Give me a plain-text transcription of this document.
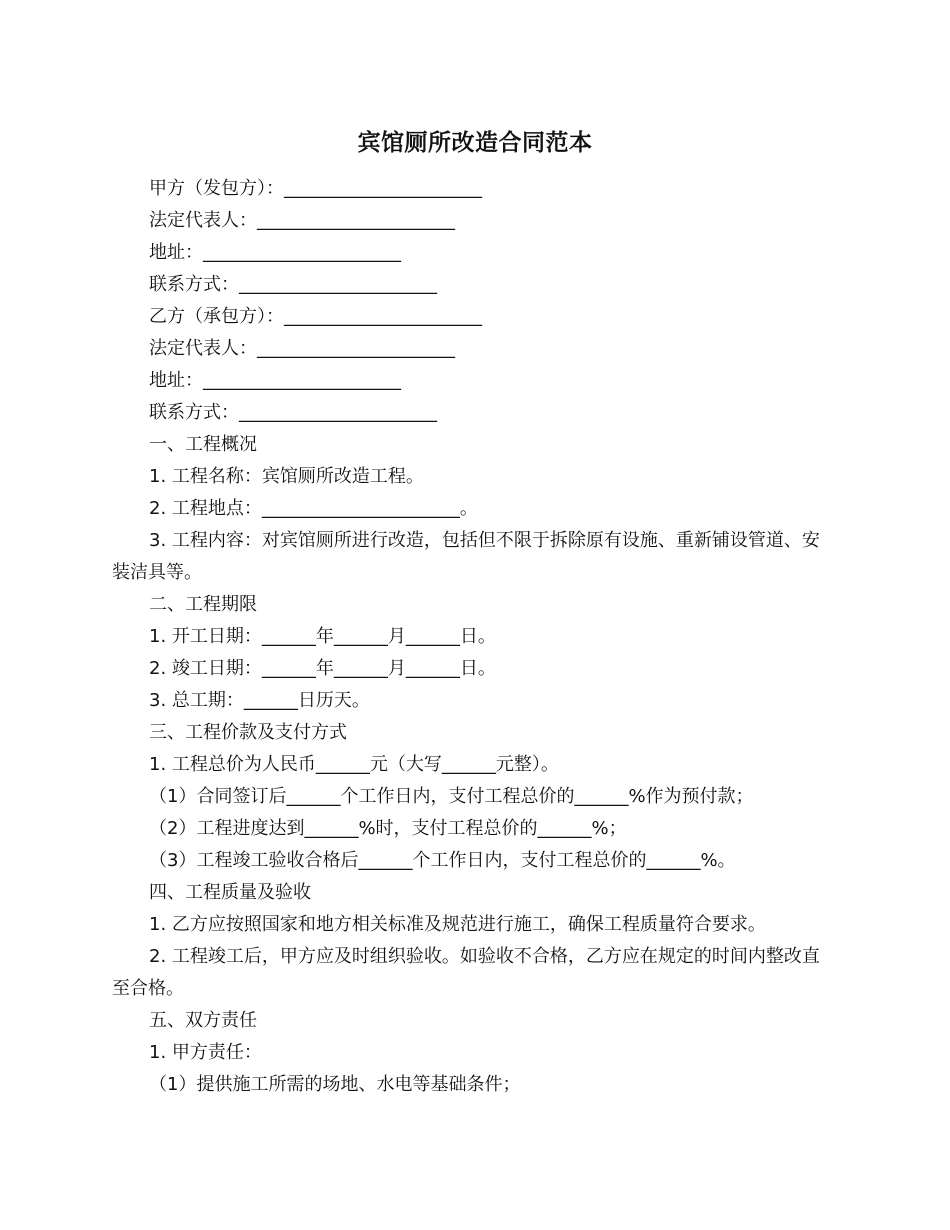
宾馆厕所改造合同范本
甲方（发包方）：______________________
法定代表人：______________________
地址：______________________
联系方式：______________________
乙方（承包方）：______________________
法定代表人：______________________
地址：______________________
联系方式：______________________
一、工程概况
1. 工程名称：宾馆厕所改造工程。
2. 工程地点：______________________。
3. 工程内容：对宾馆厕所进行改造，包括但不限于拆除原有设施、重新铺设管道、安装洁具等。
二、工程期限
1. 开工日期：______年______月______日。
2. 竣工日期：______年______月______日。
3. 总工期：______日历天。
三、工程价款及支付方式
1. 工程总价为人民币______元（大写______元整）。
（1）合同签订后______个工作日内，支付工程总价的______%作为预付款；
（2）工程进度达到______%时，支付工程总价的______%；
（3）工程竣工验收合格后______个工作日内，支付工程总价的______%。
四、工程质量及验收
1. 乙方应按照国家和地方相关标准及规范进行施工，确保工程质量符合要求。
2. 工程竣工后，甲方应及时组织验收。如验收不合格，乙方应在规定的时间内整改直至合格。
五、双方责任
1. 甲方责任：
（1）提供施工所需的场地、水电等基础条件；
